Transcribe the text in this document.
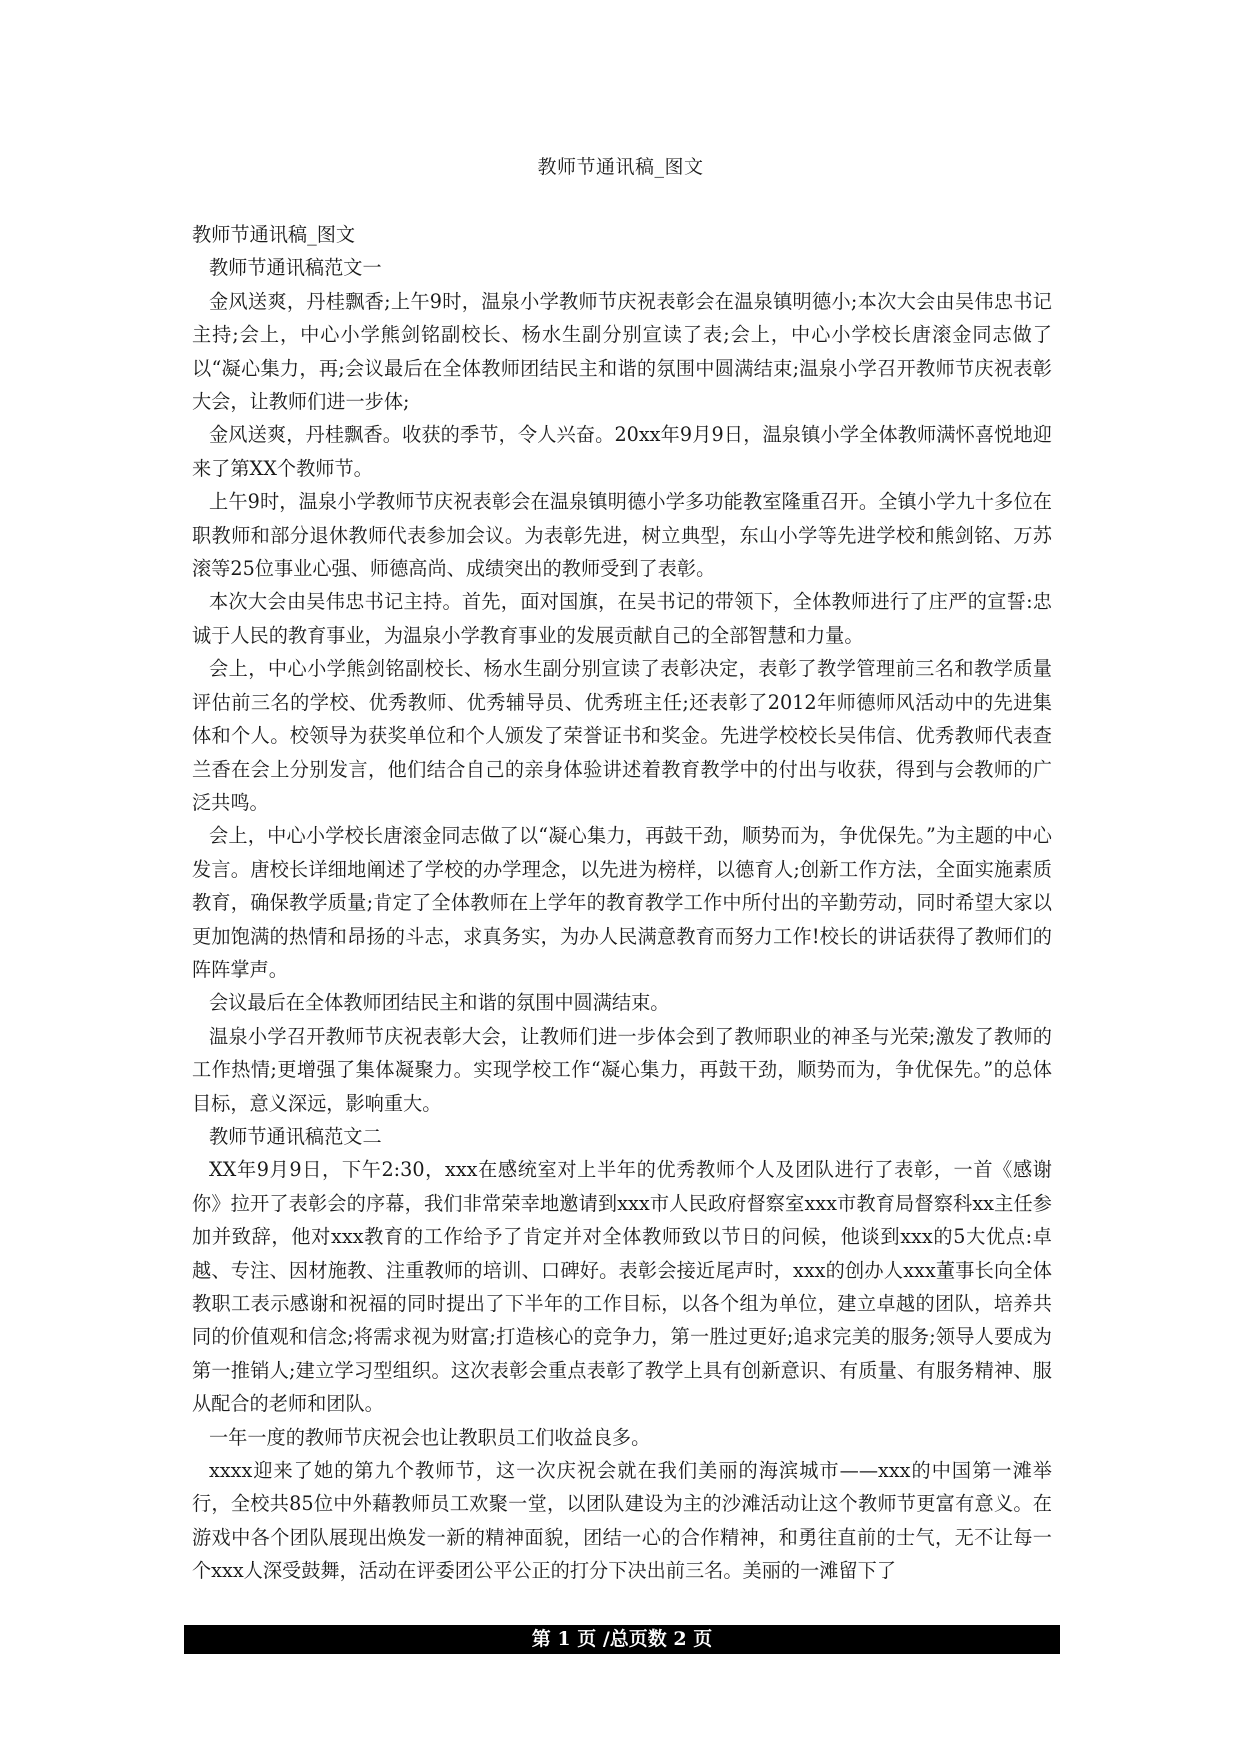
教师节通讯稿_图文

教师节通讯稿_图文

教师节通讯稿范文一

金风送爽，丹桂飘香;上午9时，温泉小学教师节庆祝表彰会在温泉镇明德小;本次大会由吴伟忠书记主持;会上，中心小学熊剑铭副校长、杨水生副分别宣读了表;会上，中心小学校长唐滚金同志做了以“凝心集力，再;会议最后在全体教师团结民主和谐的氛围中圆满结束;温泉小学召开教师节庆祝表彰大会，让教师们进一步体;

金风送爽，丹桂飘香。收获的季节，令人兴奋。20xx年9月9日，温泉镇小学全体教师满怀喜悦地迎来了第XX个教师节。

上午9时，温泉小学教师节庆祝表彰会在温泉镇明德小学多功能教室隆重召开。全镇小学九十多位在职教师和部分退休教师代表参加会议。为表彰先进，树立典型，东山小学等先进学校和熊剑铭、万苏滚等25位事业心强、师德高尚、成绩突出的教师受到了表彰。

本次大会由吴伟忠书记主持。首先，面对国旗，在吴书记的带领下，全体教师进行了庄严的宣誓:忠诚于人民的教育事业，为温泉小学教育事业的发展贡献自己的全部智慧和力量。

会上，中心小学熊剑铭副校长、杨水生副分别宣读了表彰决定，表彰了教学管理前三名和教学质量评估前三名的学校、优秀教师、优秀辅导员、优秀班主任;还表彰了2012年师德师风活动中的先进集体和个人。校领导为获奖单位和个人颁发了荣誉证书和奖金。先进学校校长吴伟信、优秀教师代表查兰香在会上分别发言，他们结合自己的亲身体验讲述着教育教学中的付出与收获，得到与会教师的广泛共鸣。

会上，中心小学校长唐滚金同志做了以“凝心集力，再鼓干劲，顺势而为，争优保先。”为主题的中心发言。唐校长详细地阐述了学校的办学理念，以先进为榜样，以德育人;创新工作方法，全面实施素质教育，确保教学质量;肯定了全体教师在上学年的教育教学工作中所付出的辛勤劳动，同时希望大家以更加饱满的热情和昂扬的斗志，求真务实，为办人民满意教育而努力工作!校长的讲话获得了教师们的阵阵掌声。

会议最后在全体教师团结民主和谐的氛围中圆满结束。

温泉小学召开教师节庆祝表彰大会，让教师们进一步体会到了教师职业的神圣与光荣;激发了教师的工作热情;更增强了集体凝聚力。实现学校工作“凝心集力，再鼓干劲，顺势而为，争优保先。”的总体目标，意义深远，影响重大。

教师节通讯稿范文二

XX年9月9日，下午2:30，xxx在感统室对上半年的优秀教师个人及团队进行了表彰，一首《感谢你》拉开了表彰会的序幕，我们非常荣幸地邀请到xxx市人民政府督察室xxx市教育局督察科xx主任参加并致辞，他对xxx教育的工作给予了肯定并对全体教师致以节日的问候，他谈到xxx的5大优点:卓越、专注、因材施教、注重教师的培训、口碑好。表彰会接近尾声时，xxx的创办人xxx董事长向全体教职工表示感谢和祝福的同时提出了下半年的工作目标，以各个组为单位，建立卓越的团队，培养共同的价值观和信念;将需求视为财富;打造核心的竞争力，第一胜过更好;追求完美的服务;领导人要成为第一推销人;建立学习型组织。这次表彰会重点表彰了教学上具有创新意识、有质量、有服务精神、服从配合的老师和团队。

一年一度的教师节庆祝会也让教职员工们收益良多。

xxxx迎来了她的第九个教师节，这一次庆祝会就在我们美丽的海滨城市——xxx的中国第一滩举行，全校共85位中外藉教师员工欢聚一堂，以团队建设为主的沙滩活动让这个教师节更富有意义。在游戏中各个团队展现出焕发一新的精神面貌，团结一心的合作精神，和勇往直前的士气，无不让每一个xxx人深受鼓舞，活动在评委团公平公正的打分下决出前三名。美丽的一滩留下了

第 1 页 /总页数 2 页
